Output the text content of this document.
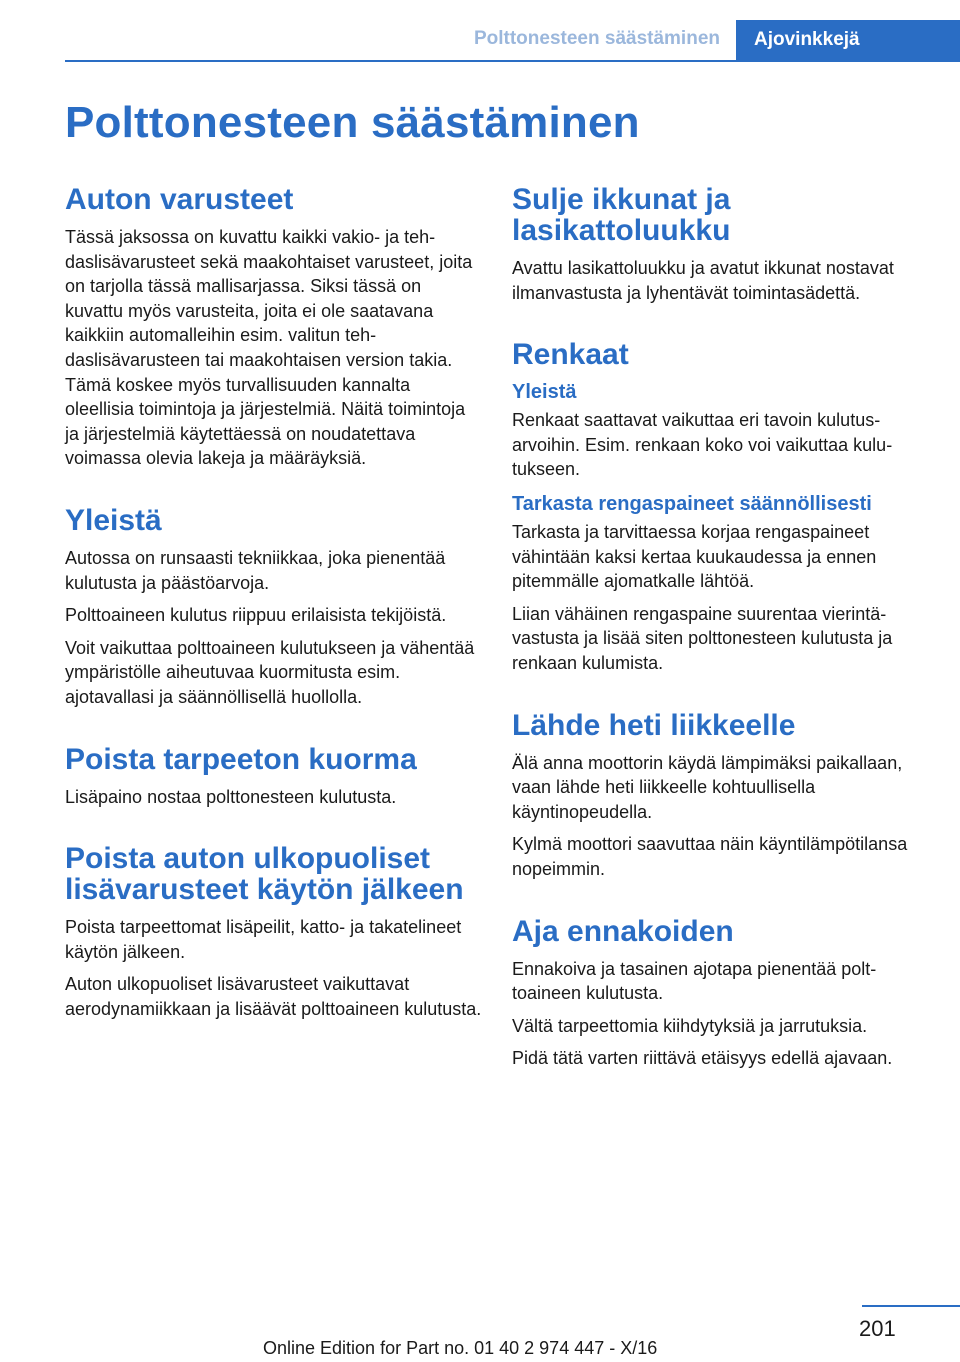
Polttonesteen säästäminen	Ajovinkkejä
Polttonesteen säästäminen
Auton varusteet

Tässä jaksossa on kuvattu kaikki vakio- ja tehdaslisävarusteet sekä maakohtaiset varusteet, joita on tarjolla tässä mallisarjassa. Siksi tässä on kuvattu myös varusteita, joita ei ole saatavana kaikkiin automalleihin esim. valitun tehdaslisävarusteen tai maakohtaisen version takia. Tämä koskee myös turvallisuuden kannalta oleellisia toimintoja ja järjestelmiä. Näitä toimintoja ja järjestelmiä käytettäessä on noudatettava voimassa olevia lakeja ja määräyksiä.

Yleistä

Autossa on runsaasti tekniikkaa, joka pienentää kulutusta ja päästöarvoja.

Polttoaineen kulutus riippuu erilaisista tekijöistä.

Voit vaikuttaa polttoaineen kulutukseen ja vähentää ympäristölle aiheutuvaa kuormitusta esim. ajotavallasi ja säännöllisellä huollolla.

Poista tarpeeton kuorma

Lisäpaino nostaa polttonesteen kulutusta.

Poista auton ulkopuoliset lisävarusteet käytön jälkeen

Poista tarpeettomat lisäpeilit, katto- ja takatelineet käytön jälkeen.

Auton ulkopuoliset lisävarusteet vaikuttavat aerodynamiikkaan ja lisäävät polttoaineen kulutusta.

Sulje ikkunat ja lasikattoluukku

Avattu lasikattoluukku ja avatut ikkunat nostavat ilmanvastusta ja lyhentävät toimintasädettä.

Renkaat
Yleistä

Renkaat saattavat vaikuttaa eri tavoin kulutusarvoihin. Esim. renkaan koko voi vaikuttaa kulutukseen.

Tarkasta rengaspaineet säännöllisesti

Tarkasta ja tarvittaessa korjaa rengaspaineet vähintään kaksi kertaa kuukaudessa ja ennen pitemmälle ajomatkalle lähtöä.

Liian vähäinen rengaspaine suurentaa vierintävastusta ja lisää siten polttonesteen kulutusta ja renkaan kulumista.

Lähde heti liikkeelle

Älä anna moottorin käydä lämpimäksi paikallaan, vaan lähde heti liikkeelle kohtuullisella käyntinopeudella.

Kylmä moottori saavuttaa näin käyntilämpötilansa nopeimmin.

Aja ennakoiden

Ennakoiva ja tasainen ajotapa pienentää polttoaineen kulutusta.

Vältä tarpeettomia kiihdytyksiä ja jarrutuksia.

Pidä tätä varten riittävä etäisyys edellä ajavaan.

201
Online Edition for Part no. 01 40 2 974 447 - X/16
